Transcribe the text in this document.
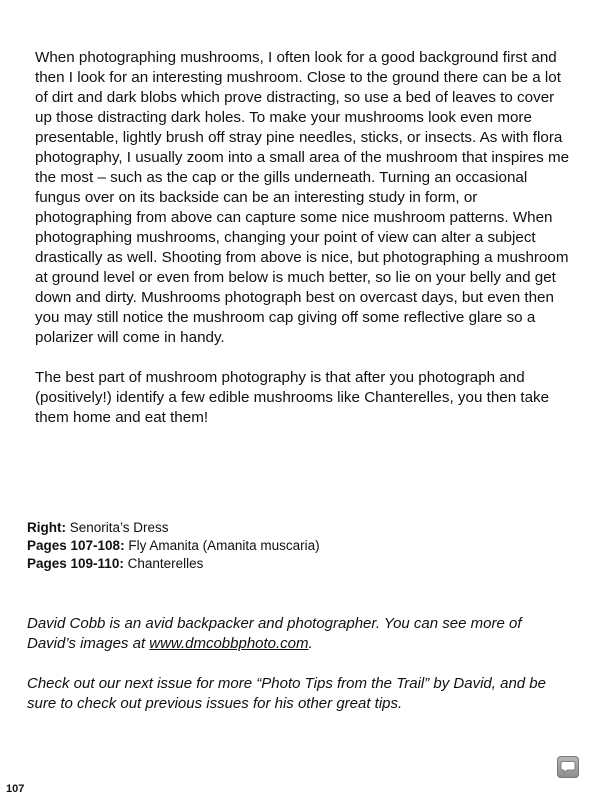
When photographing mushrooms, I often look for a good background first and then I look for an interesting mushroom. Close to the ground there can be a lot of dirt and dark blobs which prove distracting, so use a bed of leaves to cover up those distracting dark holes. To make your mushrooms look even more presentable, lightly brush off stray pine needles, sticks, or insects. As with flora photography, I usually zoom into a small area of the mushroom that inspires me the most – such as the cap or the gills underneath. Turning an occasional fungus over on its backside can be an interesting study in form, or photographing from above can capture some nice mushroom patterns. When photographing mushrooms, changing your point of view can alter a subject drastically as well. Shooting from above is nice, but photographing a mushroom at ground level or even from below is much better, so lie on your belly and get down and dirty. Mushrooms photograph best on overcast days, but even then you may still notice the mushroom cap giving off some reflective glare so a polarizer will come in handy.

The best part of mushroom photography is that after you photograph and (positively!) identify a few edible mushrooms like Chanterelles, you then take them home and eat them!

Right: Senorita’s Dress
Pages 107-108: Fly Amanita (Amanita muscaria)
Pages 109-110: Chanterelles

David Cobb is an avid backpacker and photographer. You can see more of David’s images at www.dmcobbphoto.com.

Check out our next issue for more “Photo Tips from the Trail” by David, and be sure to check out previous issues for his other great tips.

107
